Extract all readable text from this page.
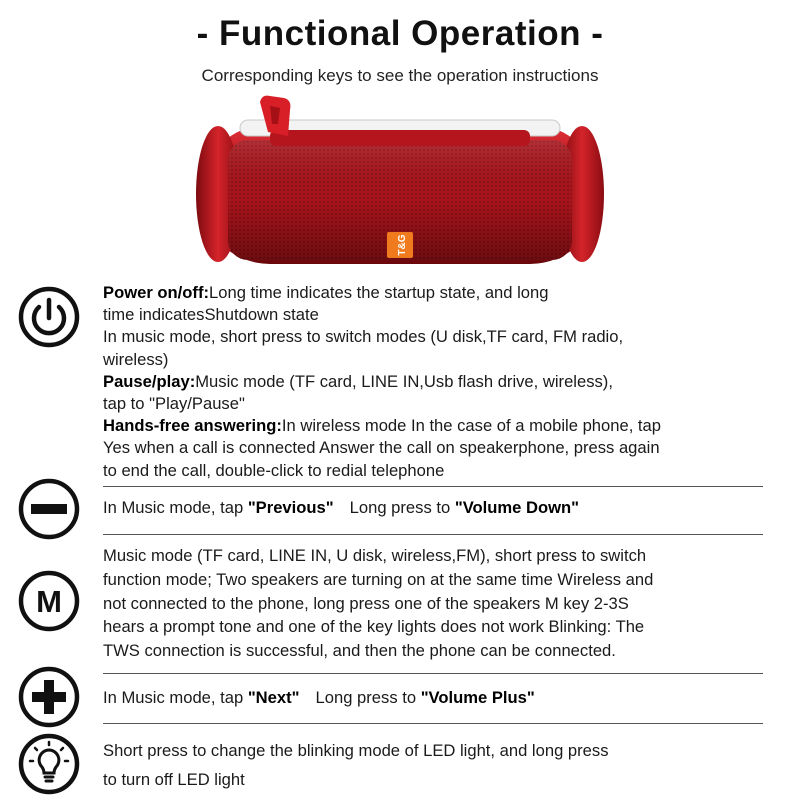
- Functional Operation -
Corresponding keys to see the operation instructions
T&G

Power on/off:Long time indicates the startup state, and long

time indicatesShutdown state

In music mode, short press to switch modes (U disk,TF card, FM radio,

wireless)

Pause/play:Music mode (TF card, LINE IN,Usb flash drive, wireless),

tap to "Play/Pause"

Hands-free answering:In wireless mode In the case of a mobile phone, tap

Yes when a call is connected Answer the call on speakerphone, press again

to end the call, double-click to redial telephone

In Music mode, tap "Previous" Long press to "Volume Down"
M

Music mode (TF card, LINE IN, U disk, wireless,FM), short press to switch

function mode; Two speakers are turning on at the same time Wireless and

not connected to the phone, long press one of the speakers M key 2-3S

hears a prompt tone and one of the key lights does not work Blinking: The

TWS connection is successful, and then the phone can be connected.

In Music mode, tap "Next" Long press to "Volume Plus"

Short press to change the blinking mode of LED light, and long press

to turn off LED light
